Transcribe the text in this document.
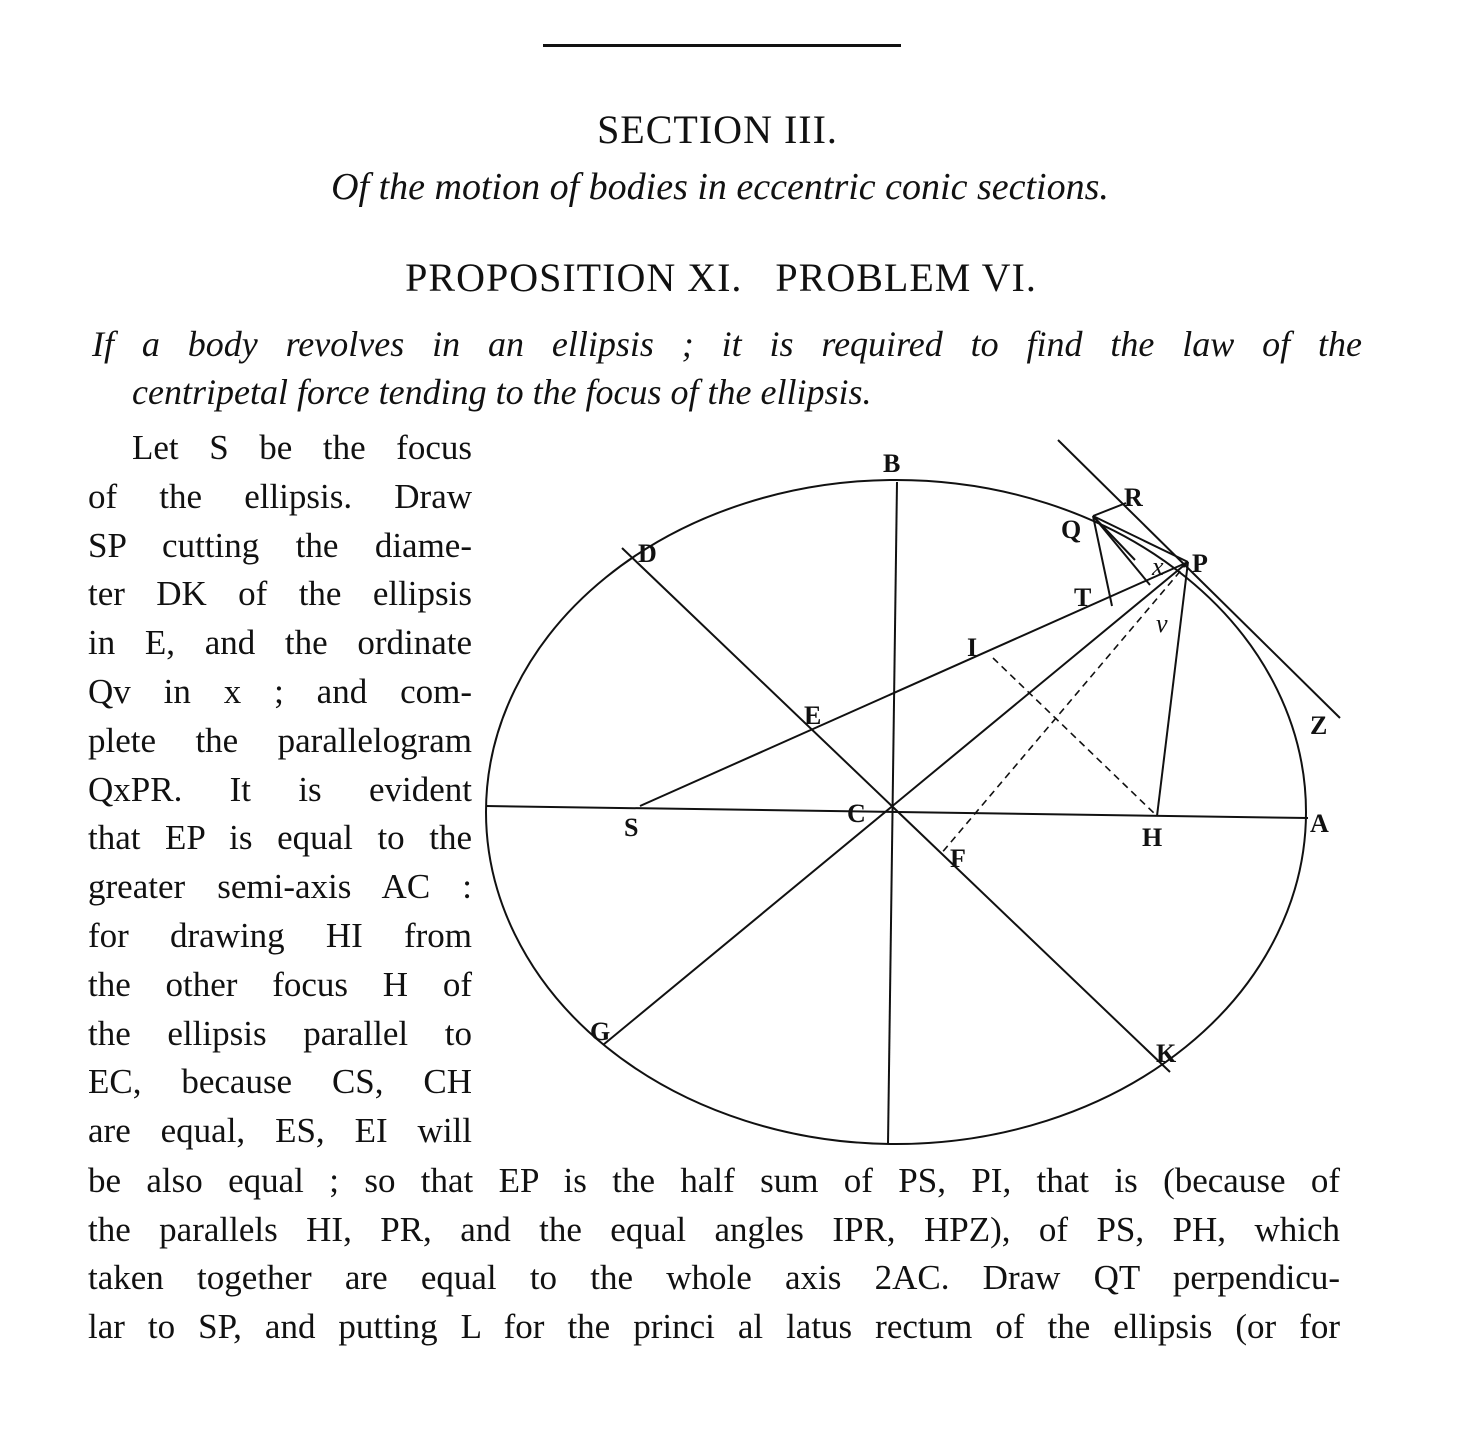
SECTION III.
Of the motion of bodies in eccentric conic sections.
PROPOSITION XI.   PROBLEM VI.
If a body revolves in an ellipsis ; it is required to find the law of the
centripetal force tending to the focus of the ellipsis.
Let S be the focus
of the ellipsis. Draw
SP cutting the diame-
ter DK of the ellipsis
in E, and the ordinate
Qv in x ; and com-
plete the parallelogram
QxPR. It is evident
that EP is equal to the
greater semi-axis AC :
for drawing HI from
the other focus H of
the ellipsis parallel to
EC, because CS, CH
are equal, ES, EI will
B
R
Q
D	x P
T
v
I
E	Z
S	C
H	A
F
G
K
be also equal ; so that EP is the half sum of PS, PI, that is (because of
the parallels HI, PR, and the equal angles IPR, HPZ), of PS, PH, which
taken together are equal to the whole axis 2AC. Draw QT perpendicu-
lar to SP, and putting L for the princi al latus rectum of the ellipsis (or for
